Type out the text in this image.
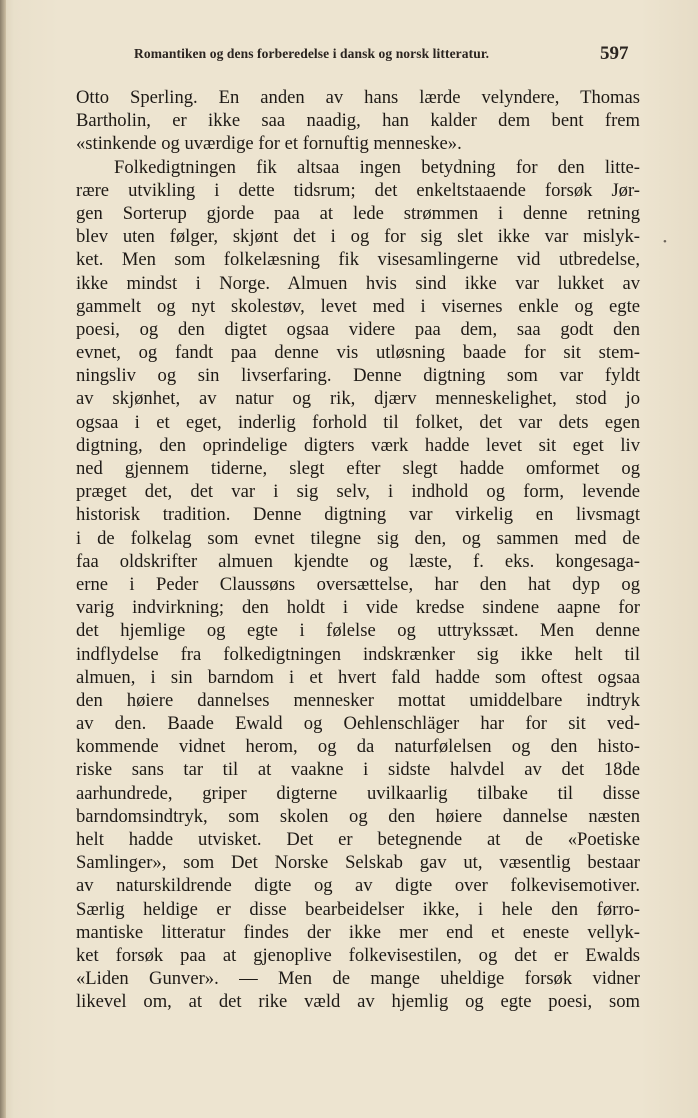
Romantiken og dens forberedelse i dansk og norsk litteratur.	597
•
Otto Sperling. En anden av hans lærde velyndere, Thomas
Bartholin, er ikke saa naadig, han kalder dem bent frem
«stinkende og uværdige for et fornuftig menneske».
Folkedigtningen fik altsaa ingen betydning for den litte-
rære utvikling i dette tidsrum; det enkeltstaaende forsøk Jør-
gen Sorterup gjorde paa at lede strømmen i denne retning
blev uten følger, skjønt det i og for sig slet ikke var mislyk-
ket. Men som folkelæsning fik visesamlingerne vid utbredelse,
ikke mindst i Norge. Almuen hvis sind ikke var lukket av
gammelt og nyt skolestøv, levet med i visernes enkle og egte
poesi, og den digtet ogsaa videre paa dem, saa godt den
evnet, og fandt paa denne vis utløsning baade for sit stem-
ningsliv og sin livserfaring. Denne digtning som var fyldt
av skjønhet, av natur og rik, djærv menneskelighet, stod jo
ogsaa i et eget, inderlig forhold til folket, det var dets egen
digtning, den oprindelige digters værk hadde levet sit eget liv
ned gjennem tiderne, slegt efter slegt hadde omformet og
præget det, det var i sig selv, i indhold og form, levende
historisk tradition. Denne digtning var virkelig en livsmagt
i de folkelag som evnet tilegne sig den, og sammen med de
faa oldskrifter almuen kjendte og læste, f. eks. kongesaga-
erne i Peder Claussøns oversættelse, har den hat dyp og
varig indvirkning; den holdt i vide kredse sindene aapne for
det hjemlige og egte i følelse og uttrykssæt. Men denne
indflydelse fra folkedigtningen indskrænker sig ikke helt til
almuen, i sin barndom i et hvert fald hadde som oftest ogsaa
den høiere dannelses mennesker mottat umiddelbare indtryk
av den. Baade Ewald og Oehlenschläger har for sit ved-
kommende vidnet herom, og da naturfølelsen og den histo-
riske sans tar til at vaakne i sidste halvdel av det 18de
aarhundrede, griper digterne uvilkaarlig tilbake til disse
barndomsindtryk, som skolen og den høiere dannelse næsten
helt hadde utvisket. Det er betegnende at de «Poetiske
Samlinger», som Det Norske Selskab gav ut, væsentlig bestaar
av naturskildrende digte og av digte over folkevisemotiver.
Særlig heldige er disse bearbeidelser ikke, i hele den førro-
mantiske litteratur findes der ikke mer end et eneste vellyk-
ket forsøk paa at gjenoplive folkevisestilen, og det er Ewalds
«Liden Gunver». — Men de mange uheldige forsøk vidner
likevel om, at det rike væld av hjemlig og egte poesi, som
